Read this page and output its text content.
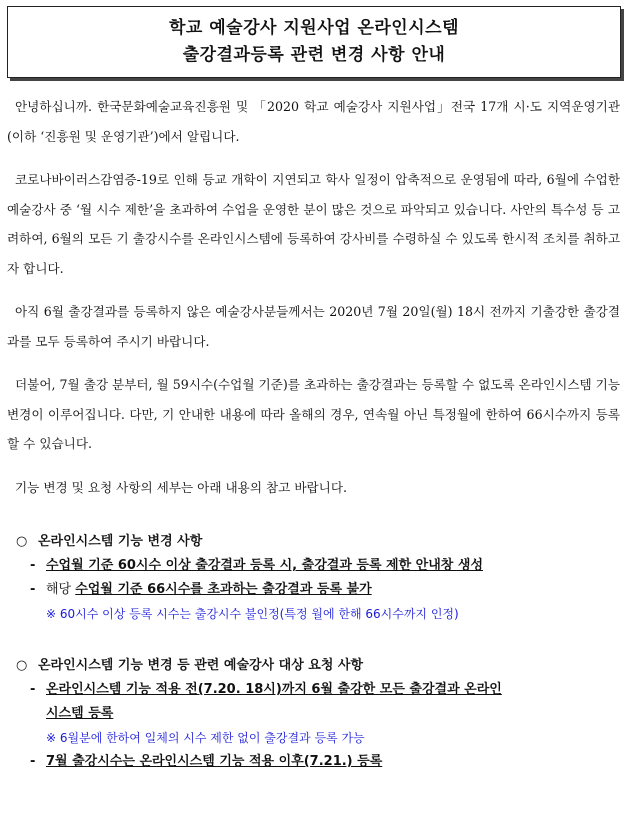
학교 예술강사 지원사업 온라인시스템
출강결과등록 관련 변경 사항 안내

안녕하십니까. 한국문화예술교육진흥원 및 「2020 학교 예술강사 지원사업」전국 17개 시·도 지역운영기관(이하 ‘진흥원 및 운영기관’)에서 알립니다.

코로나바이러스감염증-19로 인해 등교 개학이 지연되고 학사 일정이 압축적으로 운영됨에 따라, 6월에 수업한 예술강사 중 ‘월 시수 제한’을 초과하여 수업을 운영한 분이 많은 것으로 파악되고 있습니다. 사안의 특수성 등 고려하여, 6월의 모든 기 출강시수를 온라인시스템에 등록하여 강사비를 수령하실 수 있도록 한시적 조치를 취하고자 합니다.

아직 6월 출강결과를 등록하지 않은 예술강사분들께서는 2020년 7월 20일(월) 18시 전까지 기출강한 출강결과를 모두 등록하여 주시기 바랍니다.

더불어, 7월 출강 분부터, 월 59시수(수업월 기준)를 초과하는 출강결과는 등록할 수 없도록 온라인시스템 기능 변경이 이루어집니다. 다만, 기 안내한 내용에 따라 올해의 경우, 연속월 아닌 특정월에 한하여 66시수까지 등록할 수 있습니다.

기능 변경 및 요청 사항의 세부는 아래 내용의 참고 바랍니다.

○ 온라인시스템 기능 변경 사항
- 수업월 기준 60시수 이상 출강결과 등록 시, 출강결과 등록 제한 안내창 생성
- 해당 수업월 기준 66시수를 초과하는 출강결과 등록 불가
※ 60시수 이상 등록 시수는 출강시수 불인정(특정 월에 한해 66시수까지 인정)
○ 온라인시스템 기능 변경 등 관련 예술강사 대상 요청 사항
- 온라인시스템 기능 적용 전(7.20. 18시)까지 6월 출강한 모든 출강결과 온라인
시스템 등록
※ 6월분에 한하여 일체의 시수 제한 없이 출강결과 등록 가능
- 7월 출강시수는 온라인시스템 기능 적용 이후(7.21.) 등록
